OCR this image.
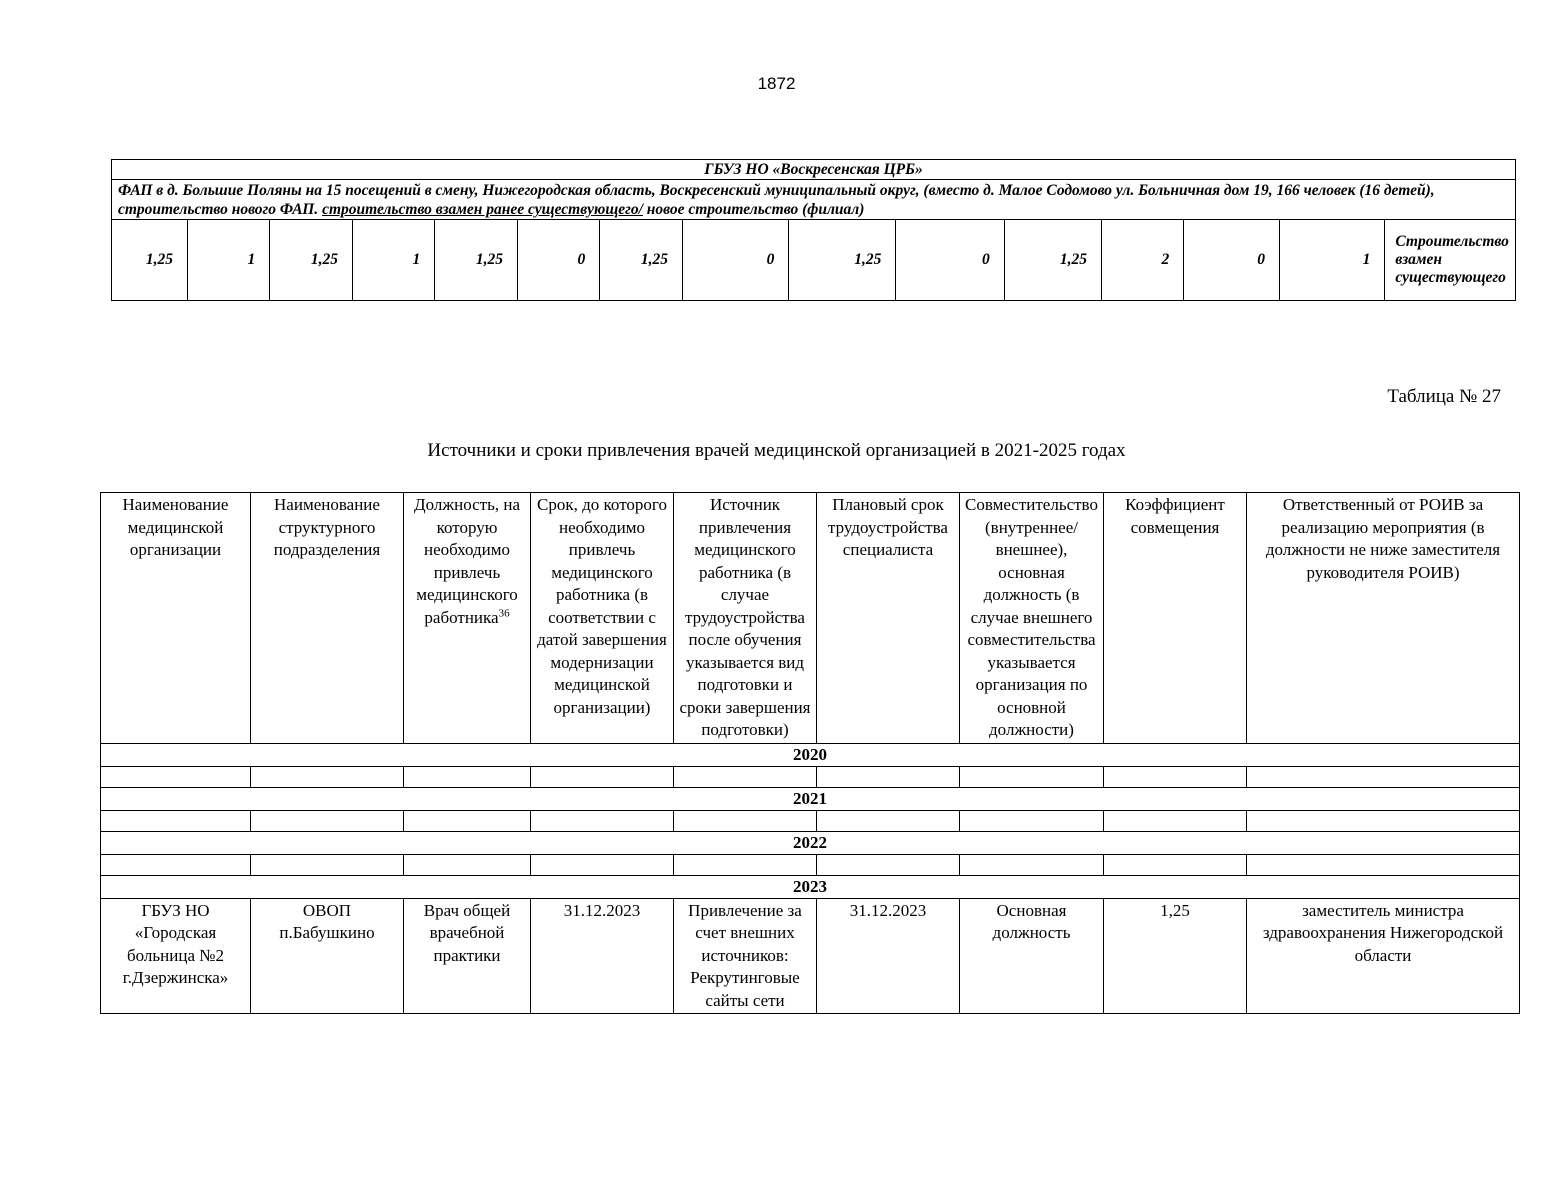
1872
ГБУЗ НО «Воскресенская ЦРБ»
ФАП в д. Большие Поляны на 15 посещений в смену, Нижегородская область, Воскресенский муниципальный округ, (вместо д. Малое Содомово ул. Больничная дом 19, 166 человек (16 детей), строительство нового ФАП. строительство взамен ранее существующего/ новое строительство (филиал)
1,25	1	1,25	1	1,25	0	1,25	0	1,25	0	1,25	2	0	1	Строительство взамен существующего
Таблица № 27
Источники и сроки привлечения врачей медицинской организацией в 2021-2025 годах
Наименование медицинской организации	Наименование структурного подразделения	Должность, на которую необходимо привлечь медицинского работника$^{36}$	Срок, до которого необходимо привлечь медицинского работника (в соответствии с датой завершения модернизации медицинской организации)	Источник привлечения медицинского работника (в случае трудоустройства после обучения указывается вид подготовки и сроки завершения подготовки)	Плановый срок трудоустройства специалиста	Совместительство (внутреннее/внешнее), основная должность (в случае внешнего совместительства указывается организация по основной должности)	Коэффициент совмещения	Ответственный от РОИВ за реализацию мероприятия (в должности не ниже заместителя руководителя РОИВ)
2020								

2021								

2022								

2023								
ГБУЗ НО «Городская больница №2 г.Дзержинска»	ОВОП п.Бабушкино	Врач общей врачебной практики	31.12.2023	Привлечение за счет внешних источников: Рекрутинговые сайты сети	31.12.2023	Основная должность	1,25	заместитель министра здравоохранения Нижегородской области
